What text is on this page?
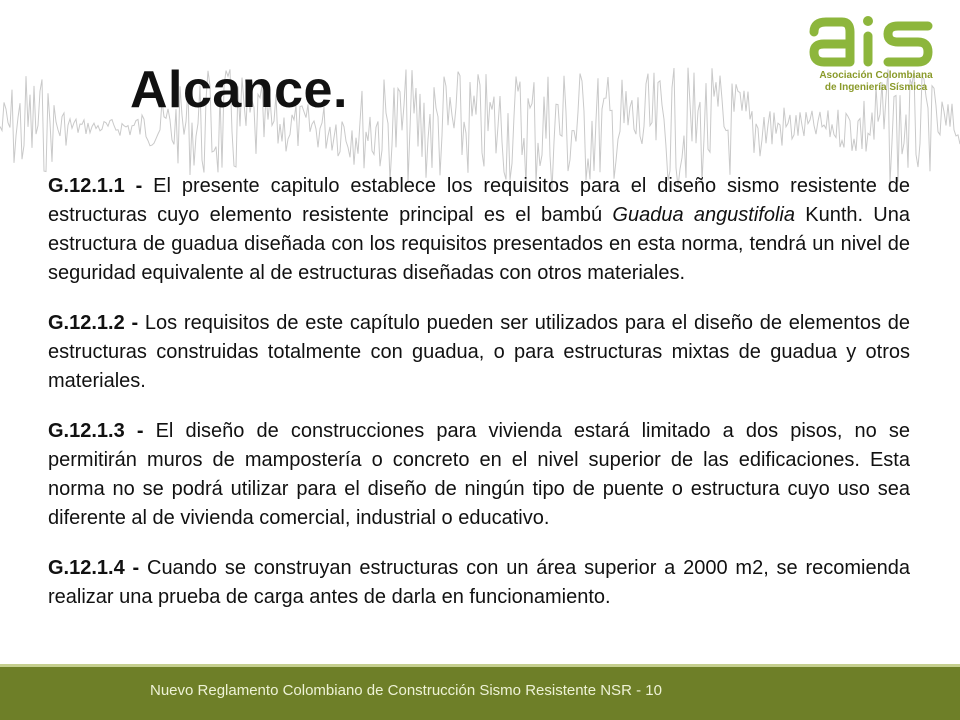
Asociación Colombiana
de Ingeniería Sísmica
Alcance.

G.12.1.1 - El presente capitulo establece los requisitos para el diseño sismo resistente de estructuras cuyo elemento resistente principal es el bambú Guadua angustifolia Kunth. Una estructura de guadua diseñada con los requisitos presentados en esta norma, tendrá un nivel de seguridad equivalente al de estructuras diseñadas con otros materiales.

G.12.1.2 - Los requisitos de este capítulo pueden ser utilizados para el diseño de elementos de estructuras construidas totalmente con guadua, o para estructuras mixtas de guadua y otros materiales.

G.12.1.3 - El diseño de construcciones para vivienda estará limitado a dos pisos, no se permitirán muros de mampostería o concreto en el nivel superior de las edificaciones. Esta norma no se podrá utilizar para el diseño de ningún tipo de puente o estructura cuyo uso sea diferente al de vivienda comercial, industrial o educativo.

G.12.1.4 - Cuando se construyan estructuras con un área superior a 2000 m2, se recomienda realizar una prueba de carga antes de darla en funcionamiento.

Nuevo Reglamento Colombiano de Construcción Sismo Resistente NSR - 10
